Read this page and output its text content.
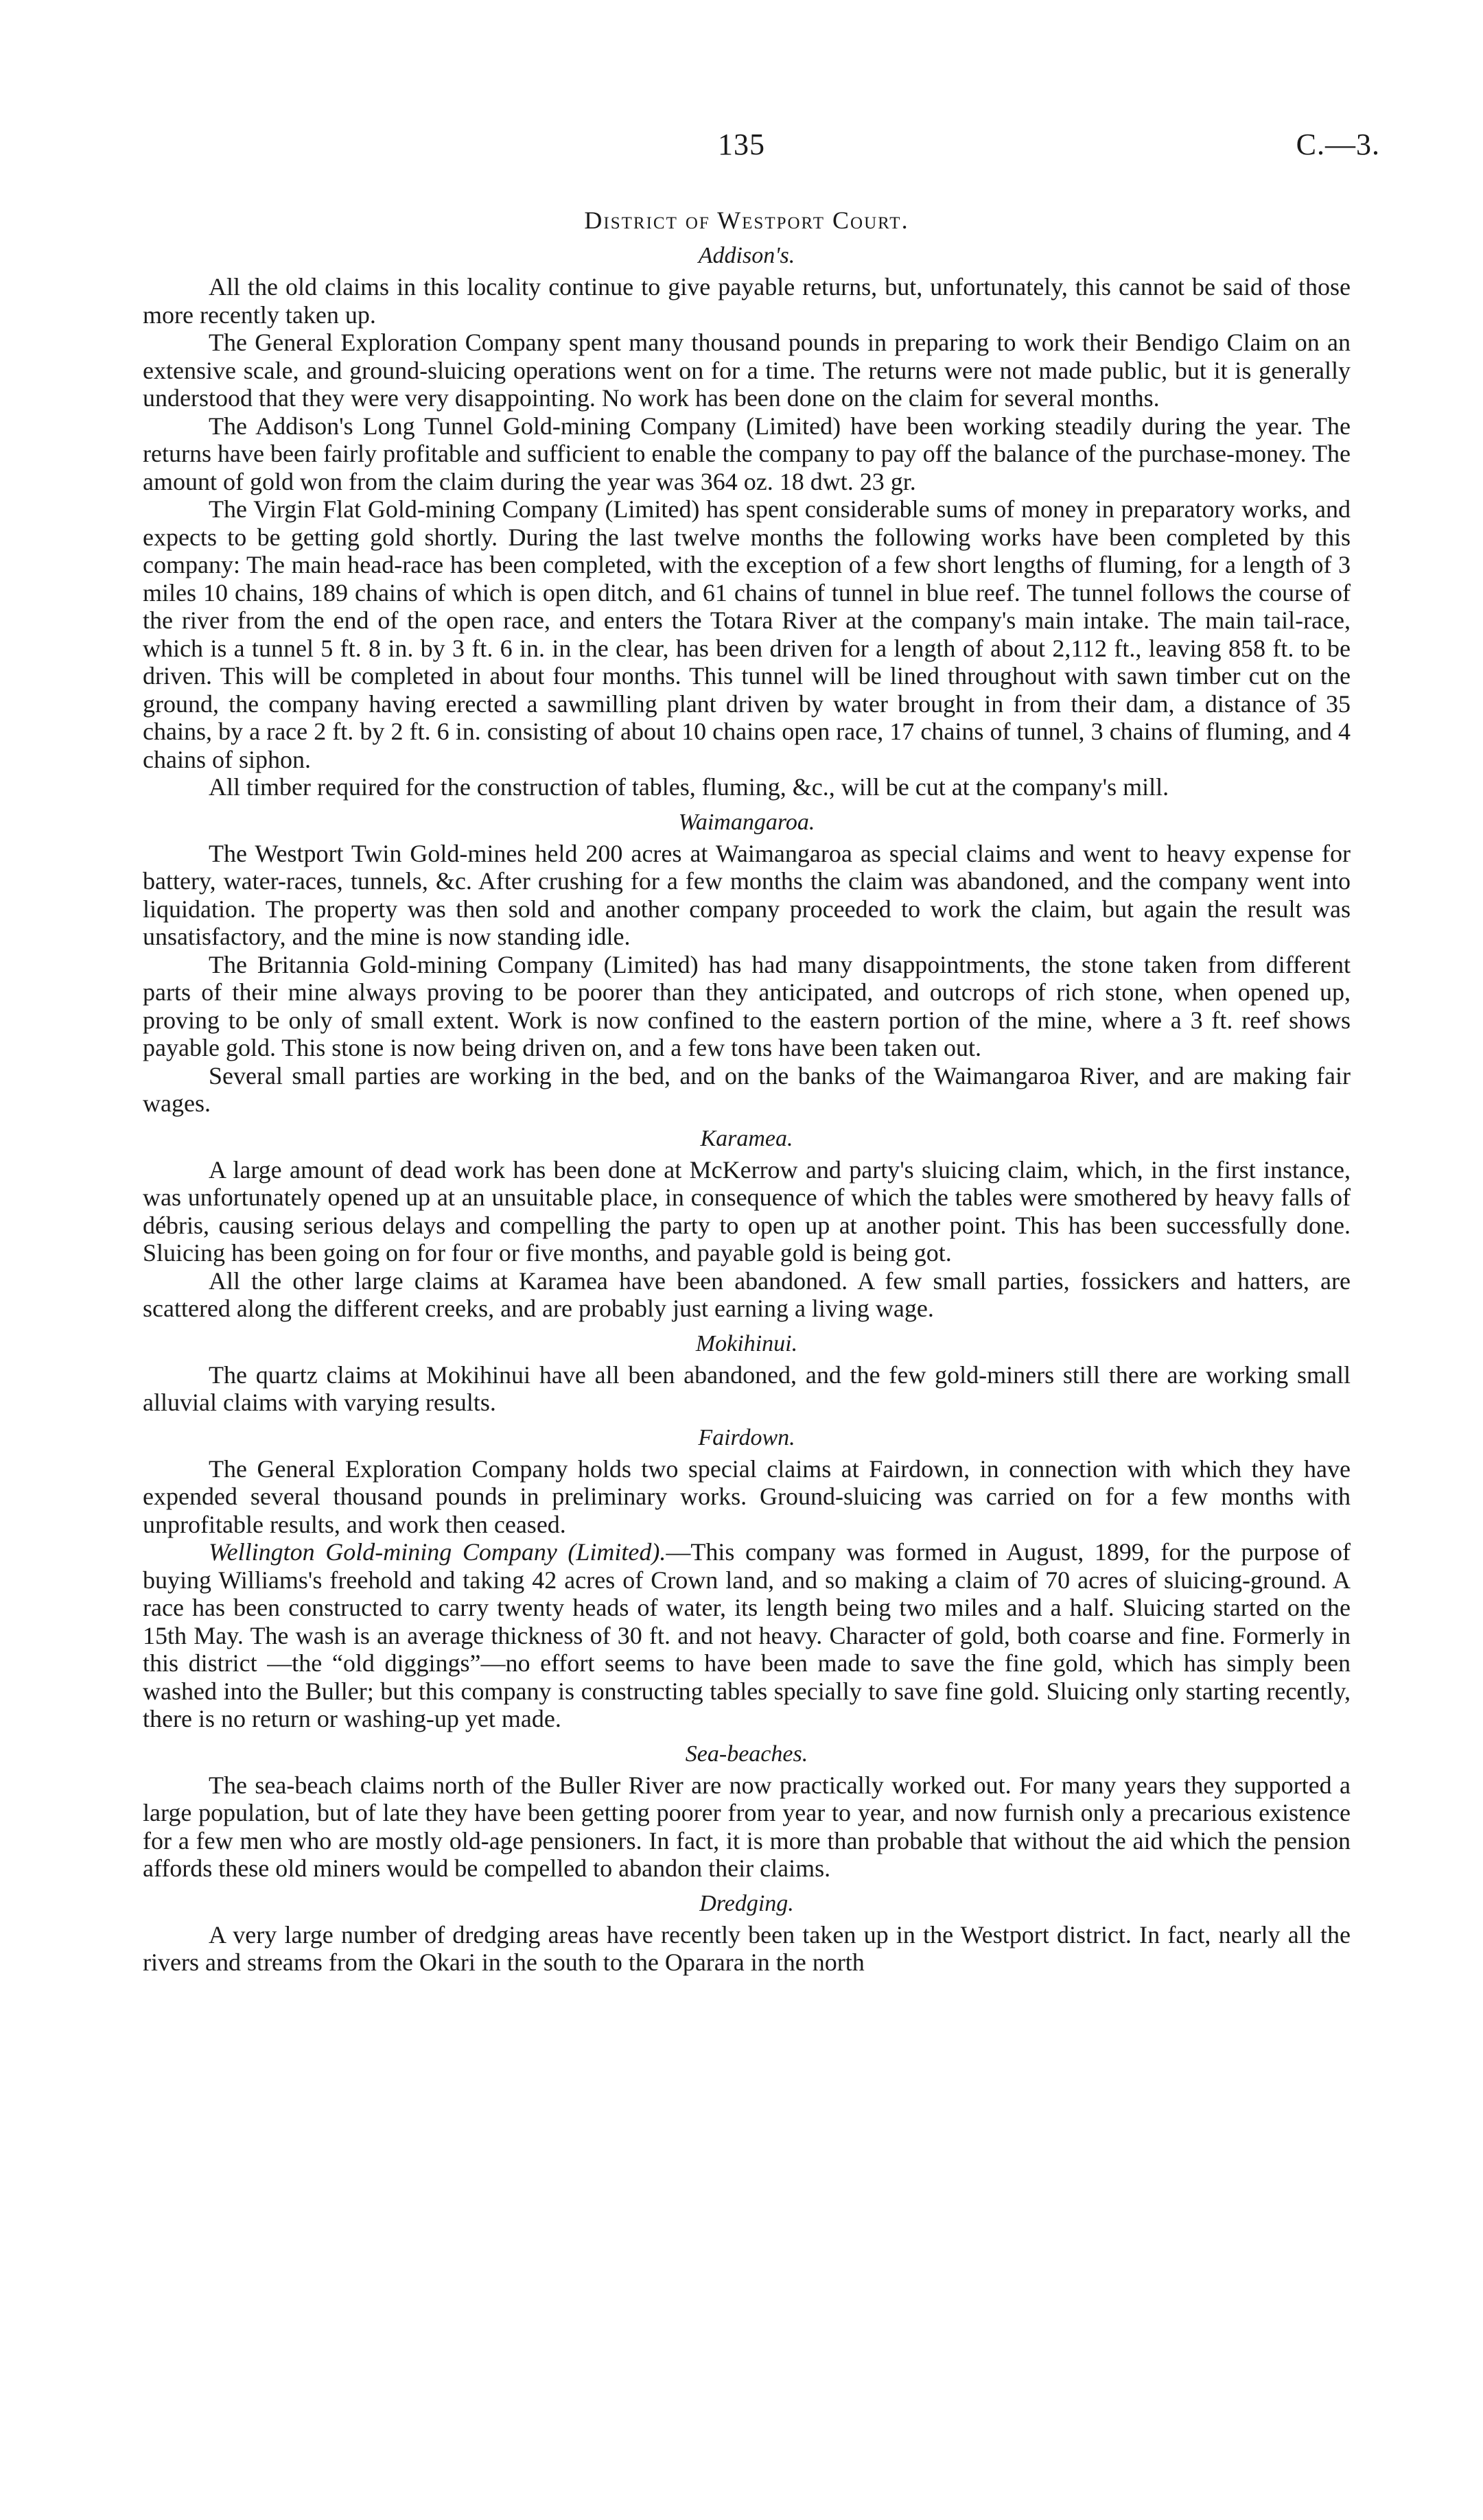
135	C.—3.
District of Westport Court.
Addison's.

All the old claims in this locality continue to give payable returns, but, unfortunately, this cannot be said of those more recently taken up.

The General Exploration Company spent many thousand pounds in preparing to work their Bendigo Claim on an extensive scale, and ground-sluicing operations went on for a time. The returns were not made public, but it is generally understood that they were very disappointing. No work has been done on the claim for several months.

The Addison's Long Tunnel Gold-mining Company (Limited) have been working steadily during the year. The returns have been fairly profitable and sufficient to enable the company to pay off the balance of the purchase-money. The amount of gold won from the claim during the year was 364 oz. 18 dwt. 23 gr.

The Virgin Flat Gold-mining Company (Limited) has spent considerable sums of money in preparatory works, and expects to be getting gold shortly. During the last twelve months the following works have been completed by this company: The main head-race has been completed, with the exception of a few short lengths of fluming, for a length of 3 miles 10 chains, 189 chains of which is open ditch, and 61 chains of tunnel in blue reef. The tunnel follows the course of the river from the end of the open race, and enters the Totara River at the company's main intake. The main tail-race, which is a tunnel 5 ft. 8 in. by 3 ft. 6 in. in the clear, has been driven for a length of about 2,112 ft., leaving 858 ft. to be driven. This will be completed in about four months. This tunnel will be lined throughout with sawn timber cut on the ground, the company having erected a sawmilling plant driven by water brought in from their dam, a distance of 35 chains, by a race 2 ft. by 2 ft. 6 in. consisting of about 10 chains open race, 17 chains of tunnel, 3 chains of fluming, and 4 chains of siphon.

All timber required for the construction of tables, fluming, &c., will be cut at the company's mill.

Waimangaroa.

The Westport Twin Gold-mines held 200 acres at Waimangaroa as special claims and went to heavy expense for battery, water-races, tunnels, &c. After crushing for a few months the claim was abandoned, and the company went into liquidation. The property was then sold and another company proceeded to work the claim, but again the result was unsatisfactory, and the mine is now standing idle.

The Britannia Gold-mining Company (Limited) has had many disappointments, the stone taken from different parts of their mine always proving to be poorer than they anticipated, and outcrops of rich stone, when opened up, proving to be only of small extent. Work is now confined to the eastern portion of the mine, where a 3 ft. reef shows payable gold. This stone is now being driven on, and a few tons have been taken out.

Several small parties are working in the bed, and on the banks of the Waimangaroa River, and are making fair wages.

Karamea.

A large amount of dead work has been done at McKerrow and party's sluicing claim, which, in the first instance, was unfortunately opened up at an unsuitable place, in consequence of which the tables were smothered by heavy falls of débris, causing serious delays and compelling the party to open up at another point. This has been successfully done. Sluicing has been going on for four or five months, and payable gold is being got.

All the other large claims at Karamea have been abandoned. A few small parties, fossickers and hatters, are scattered along the different creeks, and are probably just earning a living wage.

Mokihinui.

The quartz claims at Mokihinui have all been abandoned, and the few gold-miners still there are working small alluvial claims with varying results.

Fairdown.

The General Exploration Company holds two special claims at Fairdown, in connection with which they have expended several thousand pounds in preliminary works. Ground-sluicing was carried on for a few months with unprofitable results, and work then ceased.

Wellington Gold-mining Company (Limited).—This company was formed in August, 1899, for the purpose of buying Williams's freehold and taking 42 acres of Crown land, and so making a claim of 70 acres of sluicing-ground. A race has been constructed to carry twenty heads of water, its length being two miles and a half. Sluicing started on the 15th May. The wash is an average thickness of 30 ft. and not heavy. Character of gold, both coarse and fine. Formerly in this district —the “old diggings”—no effort seems to have been made to save the fine gold, which has simply been washed into the Buller; but this company is constructing tables specially to save fine gold. Sluicing only starting recently, there is no return or washing-up yet made.

Sea-beaches.

The sea-beach claims north of the Buller River are now practically worked out. For many years they supported a large population, but of late they have been getting poorer from year to year, and now furnish only a precarious existence for a few men who are mostly old-age pensioners. In fact, it is more than probable that without the aid which the pension affords these old miners would be compelled to abandon their claims.

Dredging.

A very large number of dredging areas have recently been taken up in the Westport district. In fact, nearly all the rivers and streams from the Okari in the south to the Oparara in the north
